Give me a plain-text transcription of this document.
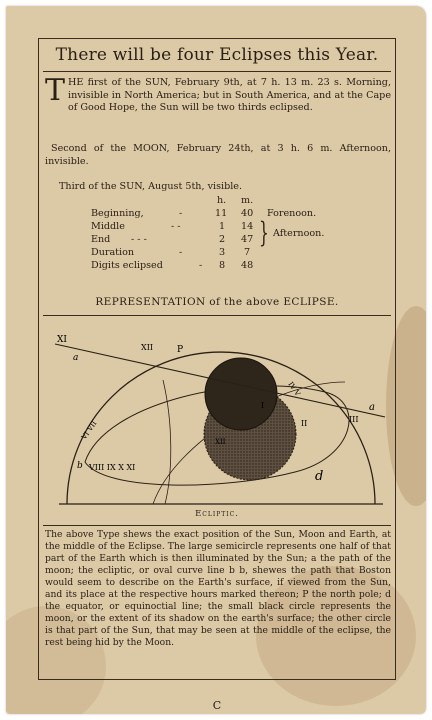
There will be four Eclipses this Year.
THE first of the SUN, February 9th, at 7 h. 13 m. 23 s. Morning, invisible in North America; but in South America, and at the Cape of Good Hope, the Sun will be two thirds eclipsed.
Second of the MOON, February 24th, at 3 h. 6 m. Afternoon, invisible.
Third of the SUN, August 5th, visible.
h. m.
Beginning,	-	11 40 Forenoon.
Middle	- -	1 14
End - - -	2 47 } Afternoon.
Duration	-	3 7
Digits eclipsed	- 8 48
REPRESENTATION of the above ECLIPSE.
XI
a
XII	P
IV V
I
II	III
a
VI VII
b VIII IX X XI
XII
d
Ecliptic.
The above Type shews the exact position of the Sun, Moon and Earth, at the middle of the Eclipse. The large semicircle represents one half of that part of the Earth which is then illuminated by the Sun; a the path of the moon; the ecliptic, or oval curve line b b, shewes the path that Boston would seem to describe on the Earth's surface, if viewed from the Sun, and its place at the respective hours marked thereon; P the north pole; d the equator, or equinoctial line; the small black circle represents the moon, or the extent of its shadow on the earth's surface; the other circle is that part of the Sun, that may be seen at the middle of the eclipse, the rest being hid by the Moon.
C
